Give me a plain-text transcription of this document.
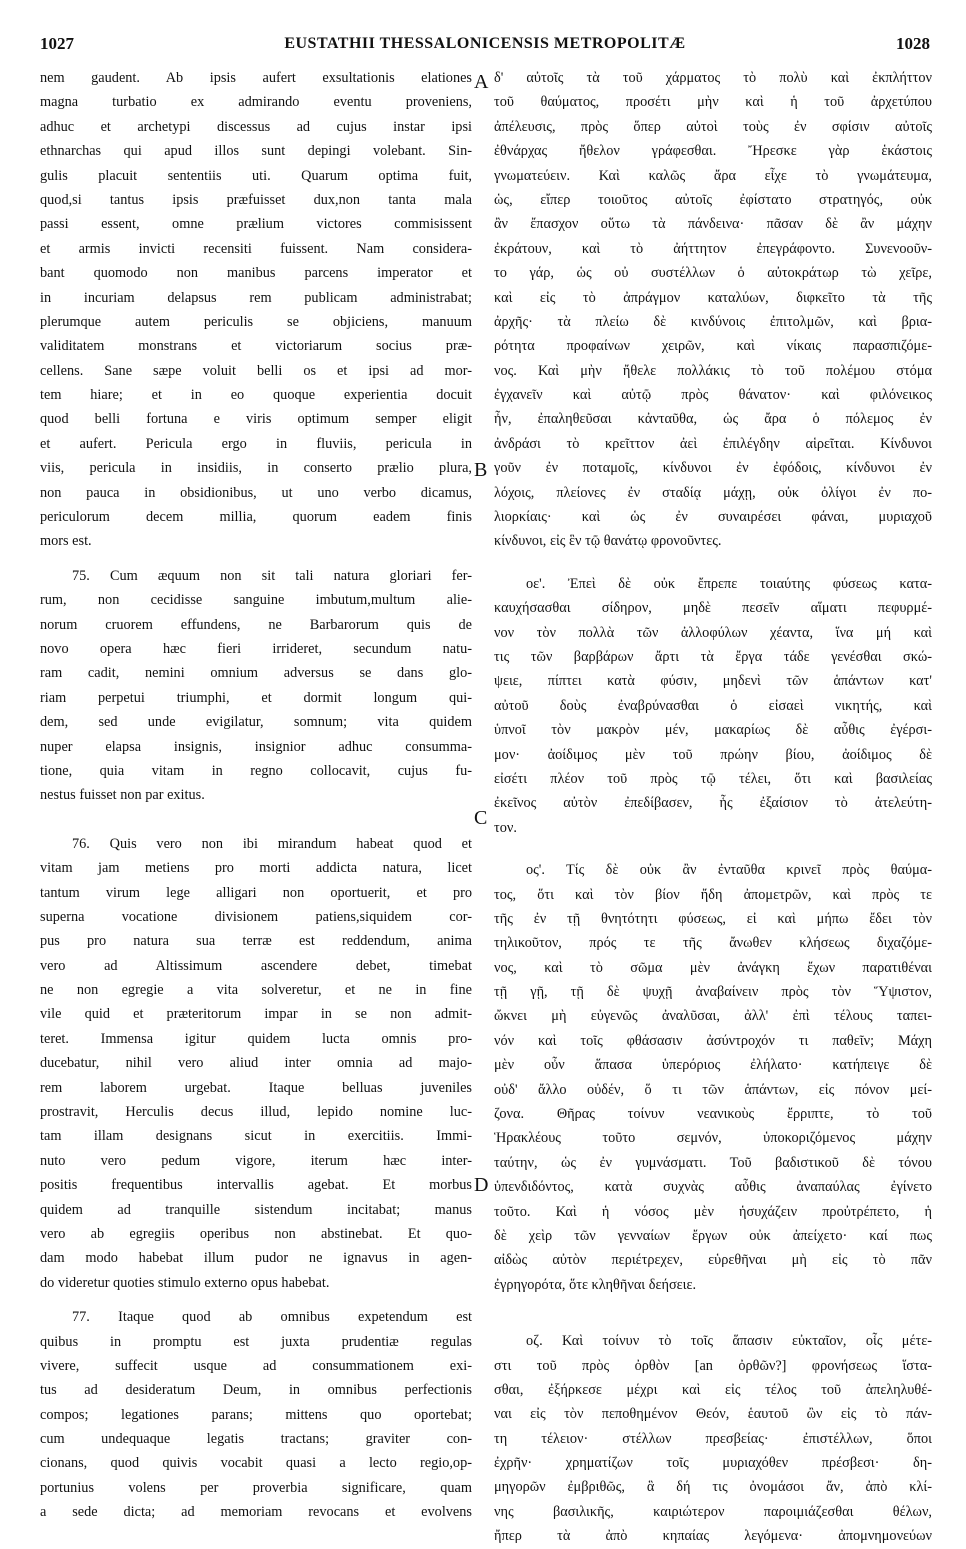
1027	EUSTATHII THESSALONICENSIS METROPOLITÆ	1028
nem gaudent. Ab ipsis aufert exsultationis elationes
magna turbatio ex admirando eventu proveniens,
adhuc et archetypi discessus ad cujus instar ipsi
ethnarchas qui apud illos sunt depingi volebant. Sin-
gulis placuit sententiis uti. Quarum optima fuit,
quod,si tantus ipsis præfuisset dux,non tanta mala
passi essent, omne prælium victores commisissent
et armis invicti recensiti fuissent. Nam considera-
bant quomodo non manibus parcens imperator et
in incuriam delapsus rem publicam administrabat;
plerumque autem periculis se objiciens, manuum
validitatem monstrans et victoriarum socius præ-
cellens. Sane sæpe voluit belli os et ipsi ad mor-
tem hiare; et in eo quoque experientia docuit
quod belli fortuna e viris optimum semper eligit
et aufert. Pericula ergo in fluviis, pericula in
viis, pericula in insidiis, in conserto prælio plura,
non pauca in obsidionibus, ut uno verbo dicamus,
periculorum decem millia, quorum eadem finis
mors est.
75. Cum æquum non sit tali natura gloriari fer-
rum, non cecidisse sanguine imbutum,multum alie-
norum cruorem effundens, ne Barbarorum quis de
novo opera hæc fieri irrideret, secundum natu-
ram cadit, nemini omnium adversus se dans glo-
riam perpetui triumphi, et dormit longum qui-
dem, sed unde evigilatur, somnum; vita quidem
nuper elapsa insignis, insignior adhuc consumma-
tione, quia vitam in regno collocavit, cujus fu-
nestus fuisset non par exitus.
76. Quis vero non ibi mirandum habeat quod et
vitam jam metiens pro morti addicta natura, licet
tantum virum lege alligari non oportuerit, et pro
superna vocatione divisionem patiens,siquidem cor-
pus pro natura sua terræ est reddendum, anima
vero ad Altissimum ascendere debet, timebat
ne non egregie a vita solveretur, et ne in fine
vile quid et præteritorum impar in se non admit-
teret. Immensa igitur quidem lucta omnis pro-
ducebatur, nihil vero aliud inter omnia ad majo-
rem laborem urgebat. Itaque belluas juveniles
prostravit, Herculis decus illud, lepido nomine luc-
tam illam designans sicut in exercitiis. Immi-
nuto vero pedum vigore, iterum hæc inter-
positis frequentibus intervallis agebat. Et morbus
quidem ad tranquille sistendum incitabat; manus
vero ab egregiis operibus non abstinebat. Et quo-
dam modo habebat illum pudor ne ignavus in agen-
do videretur quoties stimulo externo opus habebat.
77. Itaque quod ab omnibus expetendum est
quibus in promptu est juxta prudentiæ regulas
vivere, suffecit usque ad consummationem exi-
tus ad desideratum Deum, in omnibus perfectionis
compos; legationes parans; mittens quo oportebat;
cum undequaque legatis tractans; graviter con-
cionans, quod quivis vocabit quasi a lecto regio,op-
portunius volens per proverbia significare, quam
a sede dicta; ad memoriam revocans et evolvens
δ' αὐτοῖς τὰ τοῦ χάρματος τὸ πολὺ καὶ ἐκπλήττον
τοῦ θαύματος, προσέτι μὴν καὶ ἡ τοῦ ἀρχετύπου
ἀπέλευσις, πρὸς ὅπερ αὐτοὶ τοὺς ἐν σφίσιν αὐτοῖς
ἐθνάρχας ἤθελον γράφεσθαι. Ἤρεσκε γὰρ ἑκάστοις
γνωματεύειν. Καὶ καλῶς ἄρα εἶχε τὸ γνωμάτευμα,
ὡς, εἴπερ τοιοῦτος αὐτοῖς ἐφίστατο στρατηγός, οὐκ
ἂν ἔπασχον οὕτω τὰ πάνδεινα· πᾶσαν δὲ ἂν μάχην
ἐκράτουν, καὶ τὸ ἀήττητον ἐπεγράφοντο. Συνενοοῦν-
το γάρ, ὡς οὐ συστέλλων ὁ αὐτοκράτωρ τὼ χεῖρε,
καὶ εἰς τὸ ἀπράγμον καταλύων, διφκεῖτο τὰ τῆς
ἀρχῆς· τὰ πλείω δὲ κινδύνοις ἐπιτολμῶν, καὶ βρια-
ρότητα προφαίνων χειρῶν, καὶ νίκαις παρασπιζόμε-
νος. Καὶ μὴν ἤθελε πολλάκις τὸ τοῦ πολέμου στόμα
ἐγχανεῖν καὶ αὐτῷ πρὸς θάνατον· καὶ φιλόνεικος
ἦν, ἐπαληθεῦσαι κἀνταῦθα, ὡς ἄρα ὁ πόλεμος ἐν
ἀνδράσι τὸ κρεῖττον ἀεὶ ἐπιλέγδην αἱρεῖται. Κίνδυνοι
γοῦν ἐν ποταμοῖς, κίνδυνοι ἐν ἐφόδοις, κίνδυνοι ἐν
λόχοις, πλείονες ἐν σταδίᾳ μάχῃ, οὐκ ὀλίγοι ἐν πο-
λιορκίαις· καὶ ὡς ἐν συναιρέσει φάναι, μυριαχοῦ
κίνδυνοι, εἰς ἓν τῷ θανάτῳ φρονοῦντες.
οε'. Ἐπεὶ δὲ οὐκ ἔπρεπε τοιαύτης φύσεως κατα-
καυχήσασθαι σίδηρον, μηδὲ πεσεῖν αἵματι πεφυρμέ-
νον τὸν πολλὰ τῶν ἀλλοφύλων χέαντα, ἵνα μή καὶ
τις τῶν βαρβάρων ἄρτι τὰ ἔργα τάδε γενέσθαι σκώ-
ψειε, πίπτει κατὰ φύσιν, μηδενὶ τῶν ἁπάντων κατ'
αὐτοῦ δοὺς ἐναβρύνασθαι ὁ εἰσαεὶ νικητής, καὶ
ὑπνοῖ τὸν μακρὸν μέν, μακαρίως δὲ αὖθις ἐγέρσι-
μον· ἀοίδιμος μὲν τοῦ πρώην βίου, ἀοίδιμος δὲ
εἰσέτι πλέον τοῦ πρὸς τῷ τέλει, ὅτι καὶ βασιλείας
ἐκεῖνος αὐτὸν ἐπεδίβασεν, ἧς ἐξαίσιον τὸ ἀτελεύτη-
τον.
ος'. Τίς δὲ οὐκ ἂν ἐνταῦθα κρινεῖ πρὸς θαύμα-
τος, ὅτι καὶ τὸν βίον ἤδη ἀπομετρῶν, καὶ πρὸς τε
τῆς ἐν τῇ θνητότητι φύσεως, εἰ καὶ μήπω ἔδει τὸν
τηλικοῦτον, πρός τε τῆς ἄνωθεν κλήσεως διχαζόμε-
νος, καὶ τὸ σῶμα μὲν ἀνάγκη ἔχων παρατιθέναι
τῇ γῇ, τῇ δὲ ψυχῇ ἀναβαίνειν πρὸς τὸν Ὕψιστον,
ὤκνει μὴ εὐγενῶς ἀναλῦσαι, ἀλλ' ἐπὶ τέλους ταπει-
νόν καὶ τοῖς φθάσασιν ἀσύντροχόν τι παθεῖν; Μάχη
μὲν οὖν ἅπασα ὑπερόριος ἐλήλατο· κατήπειγε δὲ
οὐδ' ἄλλο οὐδέν, ὅ τι τῶν ἁπάντων, εἰς πόνον μεί-
ζονα. Θῆρας τοίνυν νεανικοὺς ἔρριπτε, τὸ τοῦ
Ἡρακλέους τοῦτο σεμνόν, ὑποκοριζόμενος μάχην
ταύτην, ὡς ἐν γυμνάσματι. Τοῦ βαδιστικοῦ δὲ τόνου
ὑπενδιδόντος, κατὰ συχνὰς αὖθις ἀναπαύλας ἐγίνετο
τοῦτο. Καὶ ἡ νόσος μὲν ἡσυχάζειν προὐτρέπετο, ἡ
δὲ χεὶρ τῶν γενναίων ἔργων οὐκ ἀπείχετο· καί πως
αἰδὼς αὐτὸν περιέτρεχεν, εὑρεθῆναι μὴ εἰς τὸ πᾶν
ἐγρηγορότα, ὅτε κληθῆναι δεήσειε.
οζ. Καὶ τοίνυν τὸ τοῖς ἅπασιν εὐκταῖον, οἷς μέτε-
στι τοῦ πρὸς ὀρθὸν [an ὀρθῶν?] φρονήσεως ἵστα-
σθαι, ἐξήρκεσε μέχρι καὶ εἰς τέλος τοῦ ἀπεληλυθέ-
ναι εἰς τὸν πεποθημένον Θεόν, ἑαυτοῦ ὢν εἰς τὸ πάν-
τη τέλειον· στέλλων πρεσβείας· ἐπιστέλλων, ὅποι
ἐχρῆν· χρηματίζων τοῖς μυριαχόθεν πρέσβεσι· δη-
μηγορῶν ἐμβριθῶς, ἃ δή τις ὀνομάσοι ἄν, ἀπὸ κλί-
νης βασιλικῆς, καιριώτερον παροιμιάζεσθαι θέλων,
ἤπερ τὰ ἀπὸ κηπαίας λεγόμενα· ἀπομνημονεύων
A
B
C
D
